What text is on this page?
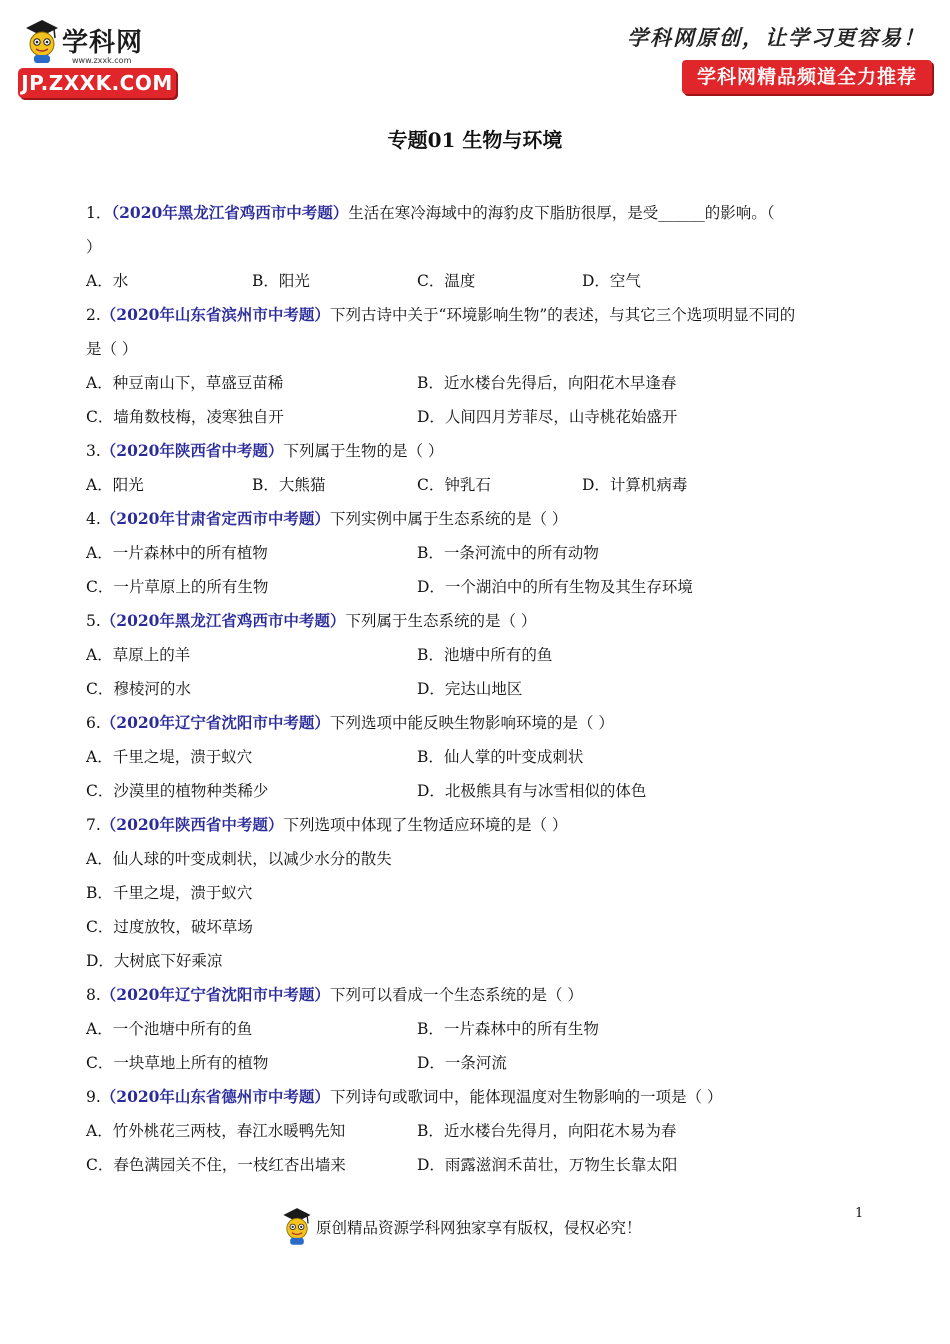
学科网
www.zxxk.com
JP.ZXXK.COM
学科网原创，让学习更容易！
学科网精品频道全力推荐
专题01 生物与环境
1．（2020年黑龙江省鸡西市中考题）生活在寒冷海域中的海豹皮下脂肪很厚，是受______的影响。（
）
A．水	B．阳光	C．温度	D．空气
2.（2020年山东省滨州市中考题）下列古诗中关于“环境影响生物”的表述，与其它三个选项明显不同的
是（ ）
A．种豆南山下，草盛豆苗稀	B．近水楼台先得后，向阳花木早逢春
C．墙角数枝梅，凌寒独自开	D．人间四月芳菲尽，山寺桃花始盛开
3.（2020年陕西省中考题）下列属于生物的是（ ）
A．阳光	B．大熊猫	C．钟乳石	D．计算机病毒
4.（2020年甘肃省定西市中考题）下列实例中属于生态系统的是（ ）
A．一片森林中的所有植物	B．一条河流中的所有动物
C．一片草原上的所有生物	D．一个湖泊中的所有生物及其生存环境
5.（2020年黑龙江省鸡西市中考题）下列属于生态系统的是（ ）
A．草原上的羊	B．池塘中所有的鱼
C．穆棱河的水	D．完达山地区
6.（2020年辽宁省沈阳市中考题）下列选项中能反映生物影响环境的是（ ）
A．千里之堤，溃于蚁穴	B．仙人掌的叶变成刺状
C．沙漠里的植物种类稀少	D．北极熊具有与冰雪相似的体色
7.（2020年陕西省中考题）下列选项中体现了生物适应环境的是（ ）
A．仙人球的叶变成刺状，以减少水分的散失
B．千里之堤，溃于蚁穴
C．过度放牧，破坏草场
D．大树底下好乘凉
8.（2020年辽宁省沈阳市中考题）下列可以看成一个生态系统的是（ ）
A．一个池塘中所有的鱼	B．一片森林中的所有生物
C．一块草地上所有的植物	D．一条河流
9.（2020年山东省德州市中考题）下列诗句或歌词中，能体现温度对生物影响的一项是（ ）
A．竹外桃花三两枝，春江水暖鸭先知	B．近水楼台先得月，向阳花木易为春
C．春色满园关不住，一枝红杏出墙来	D．雨露滋润禾苗壮，万物生长靠太阳
原创精品资源学科网独家享有版权，侵权必究！
1
